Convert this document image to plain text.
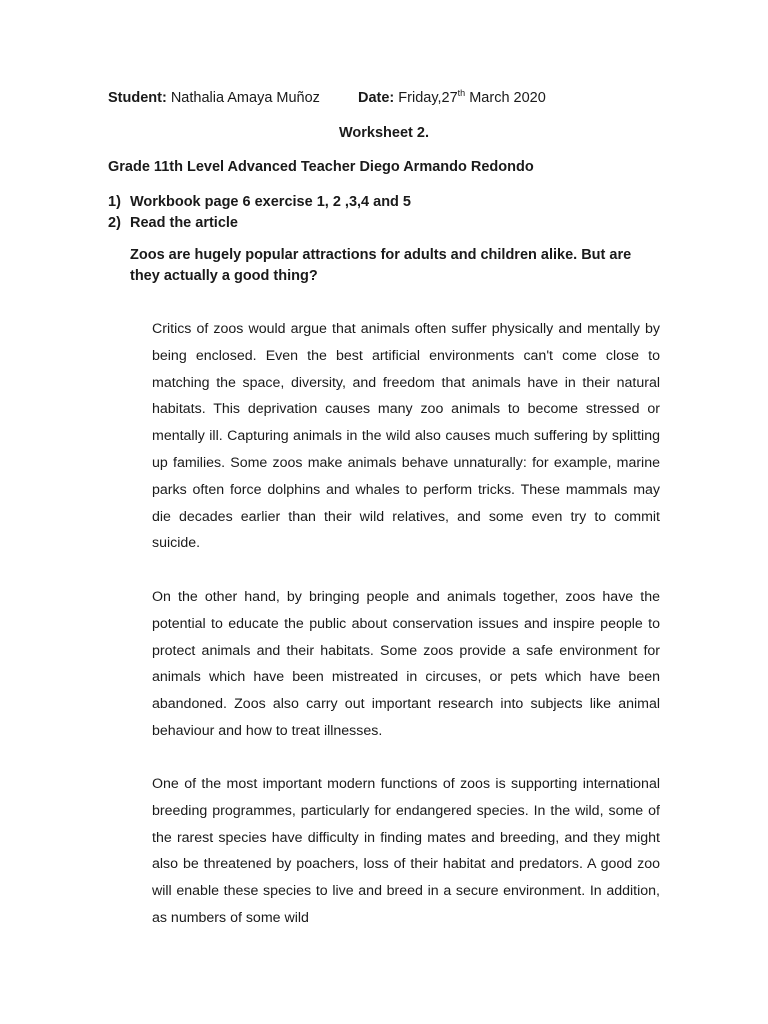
Student: Nathalia Amaya Muñoz	Date: Friday,27th March 2020
Worksheet 2.
Grade 11th Level Advanced Teacher Diego Armando Redondo
1) Workbook page 6 exercise 1, 2 ,3,4 and 5
2) Read the article

Zoos are hugely popular attractions for adults and children alike. But are they actually a good thing?

Critics of zoos would argue that animals often suffer physically and mentally by being enclosed. Even the best artificial environments can't come close to matching the space, diversity, and freedom that animals have in their natural habitats. This deprivation causes many zoo animals to become stressed or mentally ill. Capturing animals in the wild also causes much suffering by splitting up families. Some zoos make animals behave unnaturally: for example, marine parks often force dolphins and whales to perform tricks. These mammals may die decades earlier than their wild relatives, and some even try to commit suicide.

On the other hand, by bringing people and animals together, zoos have the potential to educate the public about conservation issues and inspire people to protect animals and their habitats. Some zoos provide a safe environment for animals which have been mistreated in circuses, or pets which have been abandoned. Zoos also carry out important research into subjects like animal behaviour and how to treat illnesses.

One of the most important modern functions of zoos is supporting international breeding programmes, particularly for endangered species. In the wild, some of the rarest species have difficulty in finding mates and breeding, and they might also be threatened by poachers, loss of their habitat and predators. A good zoo will enable these species to live and breed in a secure environment. In addition, as numbers of some wild
